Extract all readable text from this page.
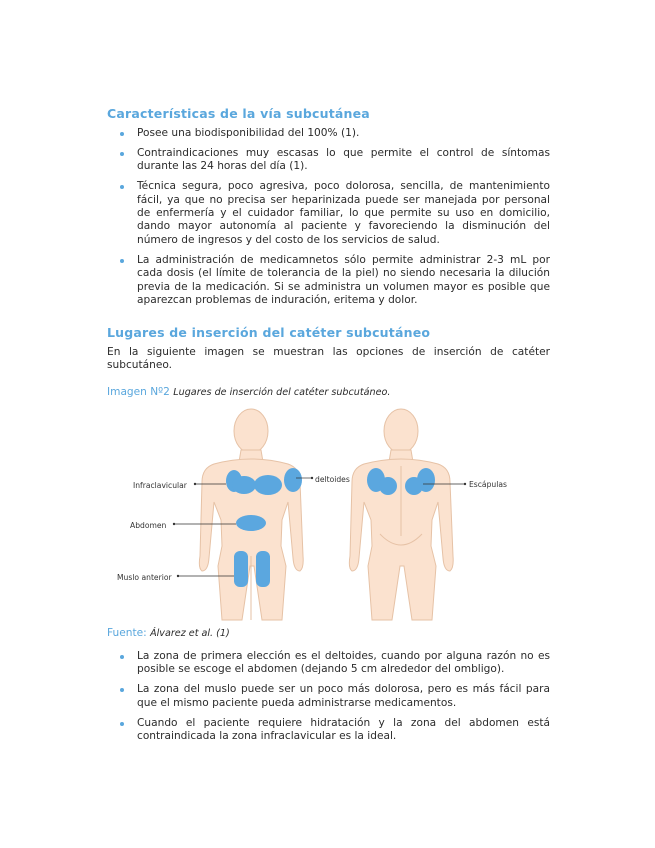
Características de la vía subcutánea
Posee una biodisponibilidad del 100% (1).
Contraindicaciones muy escasas lo que permite el control de síntomas durante las 24 horas del día (1).
Técnica segura, poco agresiva, poco dolorosa, sencilla, de mantenimiento fácil, ya que no precisa ser heparinizada puede ser manejada por personal de enfermería y el cuidador familiar, lo que permite su uso en domicilio, dando mayor autonomía al paciente y favoreciendo la disminución del número de ingresos y del costo de los servicios de salud.
La administración de medicamnetos sólo permite administrar 2-3 mL por cada dosis (el límite de tolerancia de la piel) no siendo necesaria la dilución previa de la medicación. Si se administra un volumen mayor es posible que aparezcan problemas de induración, eritema y dolor.
Lugares de inserción del catéter subcutáneo

En la siguiente imagen se muestran las opciones de inserción de catéter subcutáneo.

Imagen Nº2 Lugares de inserción del catéter subcutáneo.

Infraclavicular
deltoides
Abdomen
Muslo anterior
Escápulas

Fuente: Álvarez et al. (1)

La zona de primera elección es el deltoides, cuando por alguna razón no es posible se escoge el abdomen (dejando 5 cm alrededor del ombligo).
La zona del muslo puede ser un poco más dolorosa, pero es más fácil para que el mismo paciente pueda administrarse medicamentos.
Cuando el paciente requiere hidratación y la zona del abdomen está contraindicada la zona infraclavicular es la ideal.
